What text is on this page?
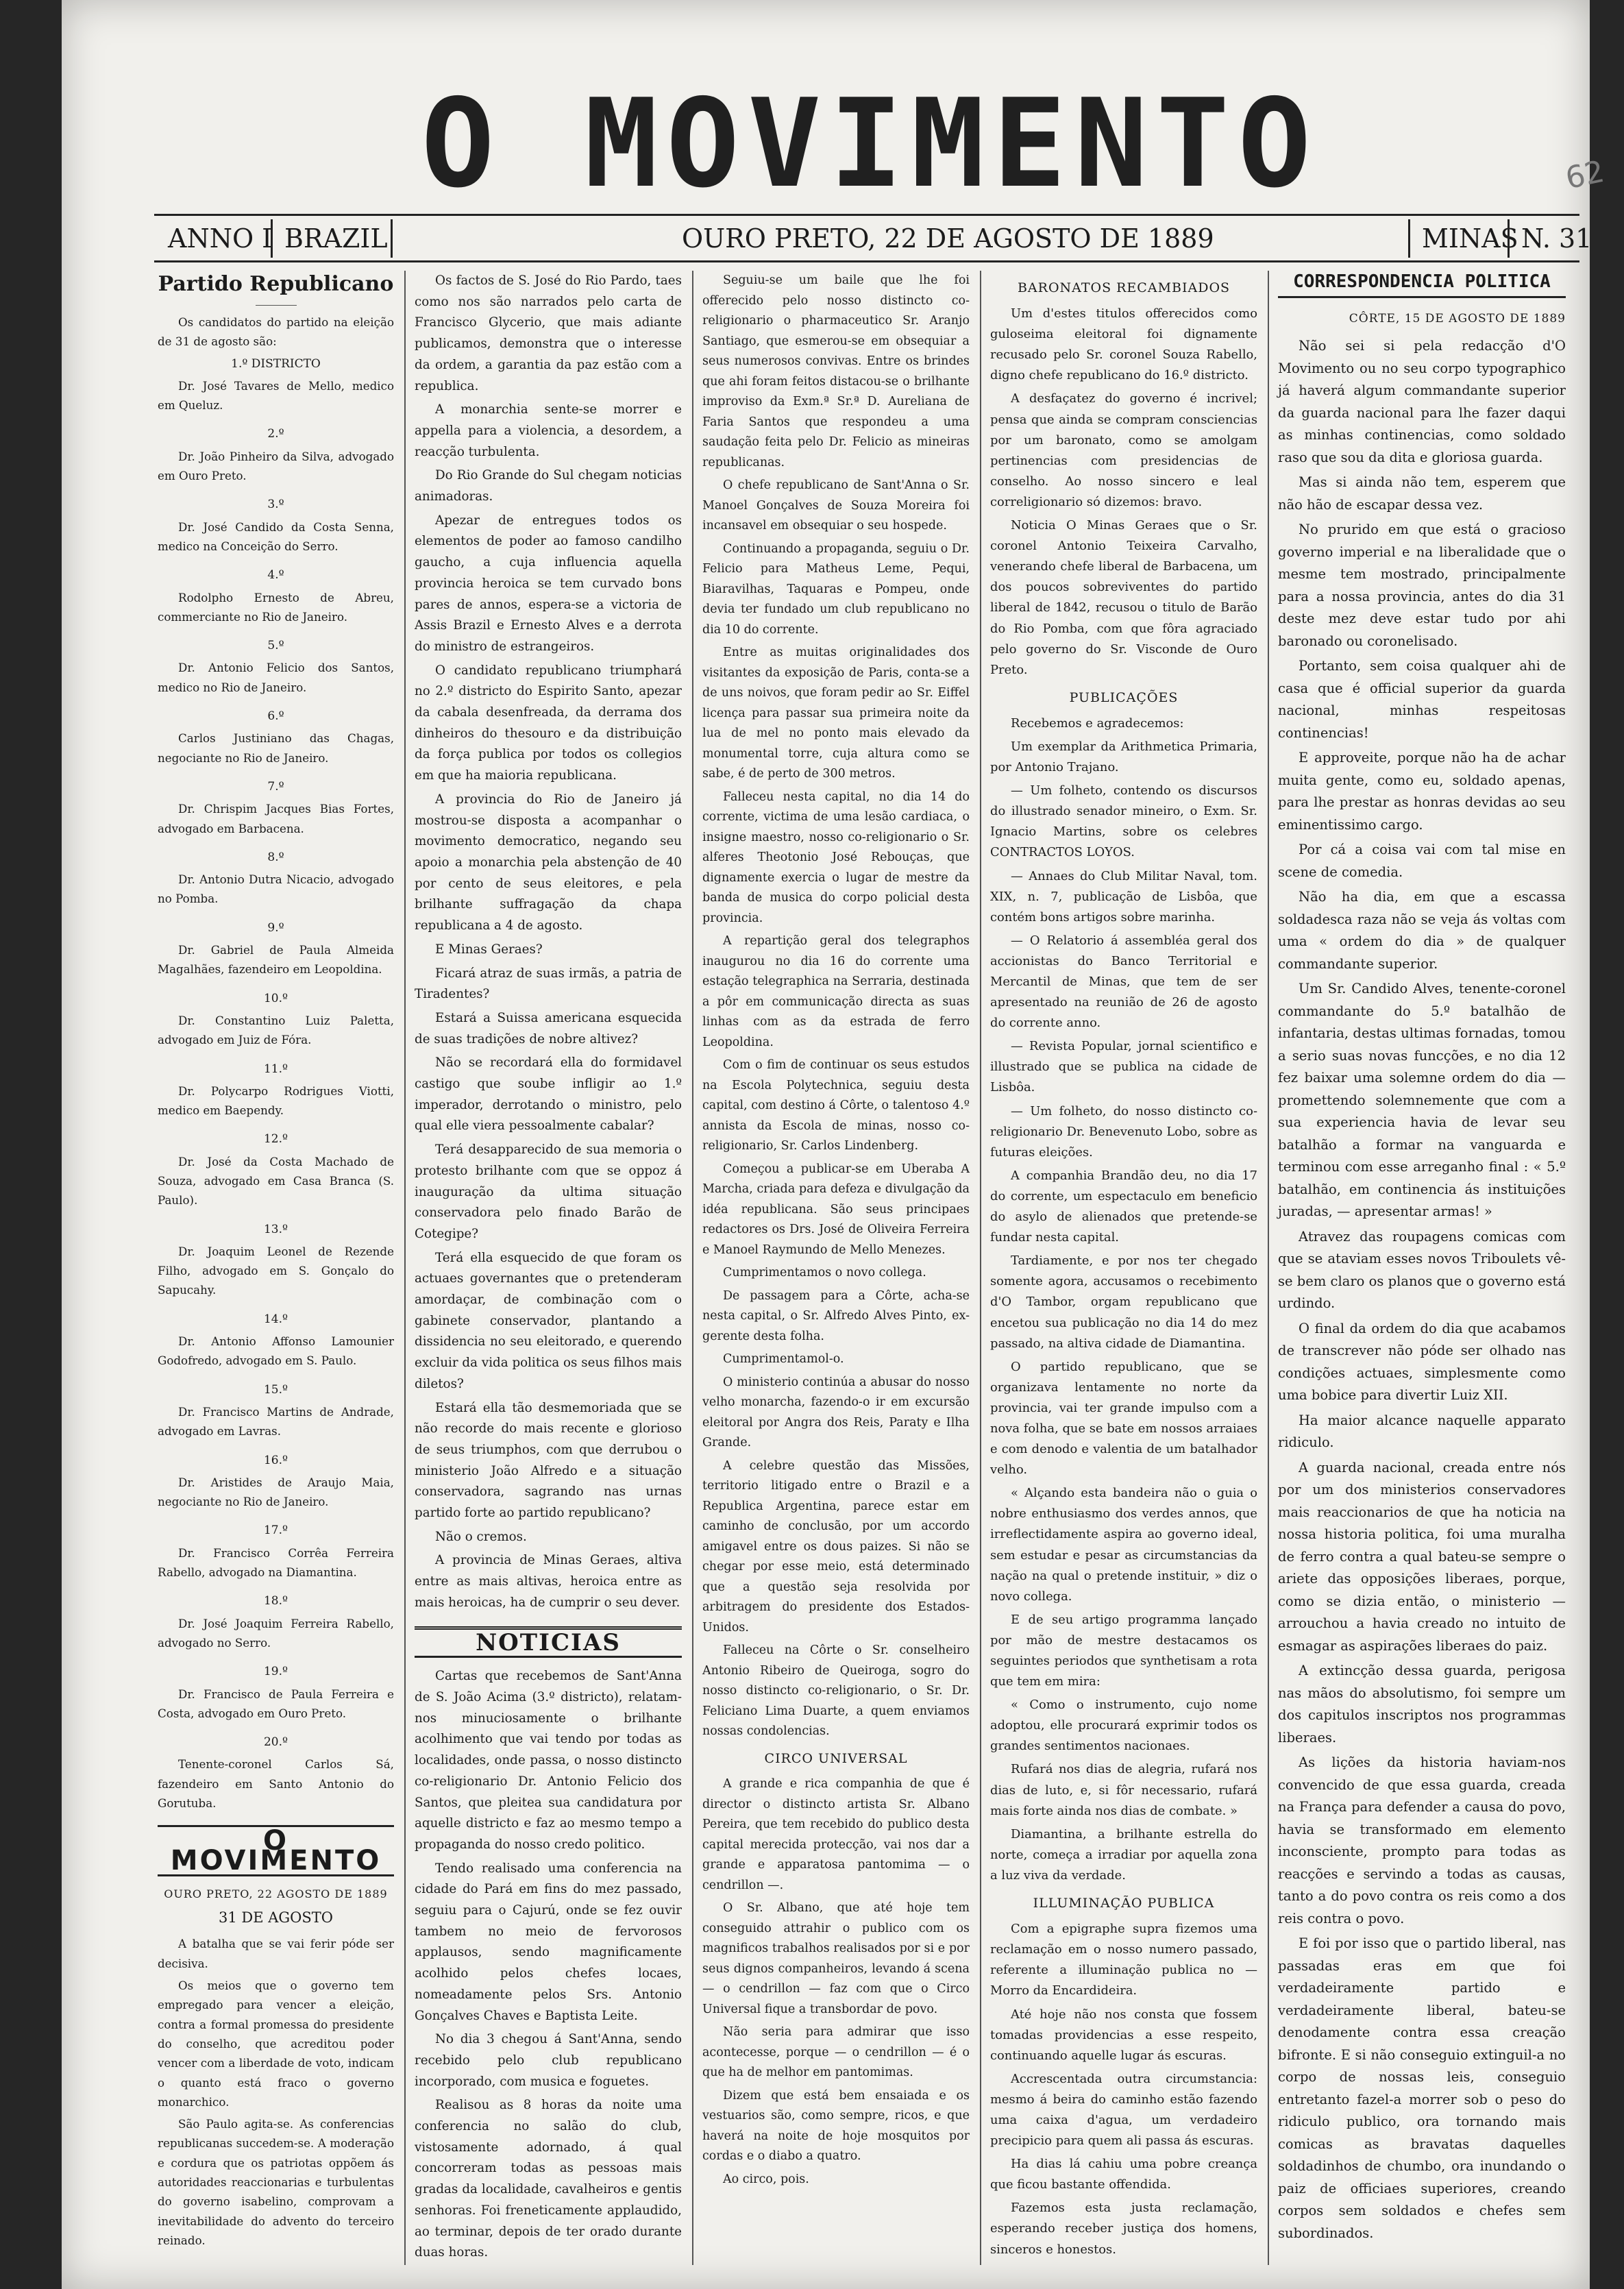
O MOVIMENTO	62
ANNO I BRAZIL	OURO PRETO, 22 DE AGOSTO DE 1889	MINAS N. 31

Partido Republicano

Os candidatos do partido na eleição de 31 de agosto são:

1.º DISTRICTO
Dr. José Tavares de Mello, medico em Queluz.
2.º
Dr. João Pinheiro da Silva, advogado em Ouro Preto.
3.º
Dr. José Candido da Costa Senna, medico na Conceição do Serro.
4.º
Rodolpho Ernesto de Abreu, commerciante no Rio de Janeiro.
5.º
Dr. Antonio Felicio dos Santos, medico no Rio de Janeiro.
6.º
Carlos Justiniano das Chagas, negociante no Rio de Janeiro.
7.º
Dr. Chrispim Jacques Bias Fortes, advogado em Barbacena.
8.º
Dr. Antonio Dutra Nicacio, advogado no Pomba.
9.º
Dr. Gabriel de Paula Almeida Magalhães, fazendeiro em Leopoldina.
10.º
Dr. Constantino Luiz Paletta, advogado em Juiz de Fóra.
11.º
Dr. Polycarpo Rodrigues Viotti, medico em Baependy.
12.º
Dr. José da Costa Machado de Souza, advogado em Casa Branca (S. Paulo).
13.º
Dr. Joaquim Leonel de Rezende Filho, advogado em S. Gonçalo do Sapucahy.
14.º
Dr. Antonio Affonso Lamounier Godofredo, advogado em S. Paulo.
15.º
Dr. Francisco Martins de Andrade, advogado em Lavras.
16.º
Dr. Aristides de Araujo Maia, negociante no Rio de Janeiro.
17.º
Dr. Francisco Corrêa Ferreira Rabello, advogado na Diamantina.
18.º
Dr. José Joaquim Ferreira Rabello, advogado no Serro.
19.º
Dr. Francisco de Paula Ferreira e Costa, advogado em Ouro Preto.
20.º
Tenente-coronel Carlos Sá, fazendeiro em Santo Antonio do Gorutuba.
O MOVIMENTO
OURO PRETO, 22 AGOSTO DE 1889
31 DE AGOSTO

A batalha que se vai ferir póde ser decisiva.

Os meios que o governo tem empregado para vencer a eleição, contra a formal promessa do presidente do conselho, que acreditou poder vencer com a liberdade de voto, indicam o quanto está fraco o governo monarchico.

São Paulo agita-se. As conferencias republicanas succedem-se. A moderação e cordura que os patriotas oppõem ás autoridades reaccionarias e turbulentas do governo isabelino, comprovam a inevitabilidade do advento do terceiro reinado.

Os factos de S. José do Rio Pardo, taes como nos são narrados pelo carta de Francisco Glycerio, que mais adiante publicamos, demonstra que o interesse da ordem, a garantia da paz estão com a republica.

A monarchia sente-se morrer e appella para a violencia, a desordem, a reacção turbulenta.

Do Rio Grande do Sul chegam noticias animadoras.

Apezar de entregues todos os elementos de poder ao famoso candilho gaucho, a cuja influencia aquella provincia heroica se tem curvado bons pares de annos, espera-se a victoria de Assis Brazil e Ernesto Alves e a derrota do ministro de estrangeiros.

O candidato republicano triumphará no 2.º districto do Espirito Santo, apezar da cabala desenfreada, da derrama dos dinheiros do thesouro e da distribuição da força publica por todos os collegios em que ha maioria republicana.

A provincia do Rio de Janeiro já mostrou-se disposta a acompanhar o movimento democratico, negando seu apoio a monarchia pela abstenção de 40 por cento de seus eleitores, e pela brilhante suffragação da chapa republicana a 4 de agosto.

E Minas Geraes?

Ficará atraz de suas irmãs, a patria de Tiradentes?

Estará a Suissa americana esquecida de suas tradições de nobre altivez?

Não se recordará ella do formidavel castigo que soube infligir ao 1.º imperador, derrotando o ministro, pelo qual elle viera pessoalmente cabalar?

Terá desapparecido de sua memoria o protesto brilhante com que se oppoz á inauguração da ultima situação conservadora pelo finado Barão de Cotegipe?

Terá ella esquecido de que foram os actuaes governantes que o pretenderam amordaçar, de combinação com o gabinete conservador, plantando a dissidencia no seu eleitorado, e querendo excluir da vida politica os seus filhos mais diletos?

Estará ella tão desmemoriada que se não recorde do mais recente e glorioso de seus triumphos, com que derrubou o ministerio João Alfredo e a situação conservadora, sagrando nas urnas partido forte ao partido republicano?

Não o cremos.

A provincia de Minas Geraes, altiva entre as mais altivas, heroica entre as mais heroicas, ha de cumprir o seu dever.

NOTICIAS

Cartas que recebemos de Sant'Anna de S. João Acima (3.º districto), relatam-nos minuciosamente o brilhante acolhimento que vai tendo por todas as localidades, onde passa, o nosso distincto co-religionario Dr. Antonio Felicio dos Santos, que pleitea sua candidatura por aquelle districto e faz ao mesmo tempo a propaganda do nosso credo politico.

Tendo realisado uma conferencia na cidade do Pará em fins do mez passado, seguiu para o Cajurú, onde se fez ouvir tambem no meio de fervorosos applausos, sendo magnificamente acolhido pelos chefes locaes, nomeadamente pelos Srs. Antonio Gonçalves Chaves e Baptista Leite.

No dia 3 chegou á Sant'Anna, sendo recebido pelo club republicano incorporado, com musica e foguetes.

Realisou as 8 horas da noite uma conferencia no salão do club, vistosamente adornado, á qual concorreram todas as pessoas mais gradas da localidade, cavalheiros e gentis senhoras. Foi freneticamente applaudido, ao terminar, depois de ter orado durante duas horas.

Seguiu-se um baile que lhe foi offerecido pelo nosso distincto co-religionario o pharmaceutico Sr. Aranjo Santiago, que esmerou-se em obsequiar a seus numerosos convivas. Entre os brindes que ahi foram feitos distacou-se o brilhante improviso da Exm.ª Sr.ª D. Aureliana de Faria Santos que respondeu a uma saudação feita pelo Dr. Felicio as mineiras republicanas.

O chefe republicano de Sant'Anna o Sr. Manoel Gonçalves de Souza Moreira foi incansavel em obsequiar o seu hospede.

Continuando a propaganda, seguiu o Dr. Felicio para Matheus Leme, Pequi, Biaravilhas, Taquaras e Pompeu, onde devia ter fundado um club republicano no dia 10 do corrente.

Entre as muitas originalidades dos visitantes da exposição de Paris, conta-se a de uns noivos, que foram pedir ao Sr. Eiffel licença para passar sua primeira noite da lua de mel no ponto mais elevado da monumental torre, cuja altura como se sabe, é de perto de 300 metros.

Falleceu nesta capital, no dia 14 do corrente, victima de uma lesão cardiaca, o insigne maestro, nosso co-religionario o Sr. alferes Theotonio José Rebouças, que dignamente exercia o lugar de mestre da banda de musica do corpo policial desta provincia.

A repartição geral dos telegraphos inaugurou no dia 16 do corrente uma estação telegraphica na Serraria, destinada a pôr em communicação directa as suas linhas com as da estrada de ferro Leopoldina.

Com o fim de continuar os seus estudos na Escola Polytechnica, seguiu desta capital, com destino á Côrte, o talentoso 4.º annista da Escola de minas, nosso co-religionario, Sr. Carlos Lindenberg.

Começou a publicar-se em Uberaba A Marcha, criada para defeza e divulgação da idéa republicana. São seus principaes redactores os Drs. José de Oliveira Ferreira e Manoel Raymundo de Mello Menezes.

Cumprimentamos o novo collega.

De passagem para a Côrte, acha-se nesta capital, o Sr. Alfredo Alves Pinto, ex-gerente desta folha.

Cumprimentamol-o.

O ministerio continúa a abusar do nosso velho monarcha, fazendo-o ir em excursão eleitoral por Angra dos Reis, Paraty e Ilha Grande.

A celebre questão das Missões, territorio litigado entre o Brazil e a Republica Argentina, parece estar em caminho de conclusão, por um accordo amigavel entre os dous paizes. Si não se chegar por esse meio, está determinado que a questão seja resolvida por arbitragem do presidente dos Estados-Unidos.

Falleceu na Côrte o Sr. conselheiro Antonio Ribeiro de Queiroga, sogro do nosso distincto co-religionario, o Sr. Dr. Feliciano Lima Duarte, a quem enviamos nossas condolencias.

CIRCO UNIVERSAL

A grande e rica companhia de que é director o distincto artista Sr. Albano Pereira, que tem recebido do publico desta capital merecida protecção, vai nos dar a grande e apparatosa pantomima — o cendrillon —.

O Sr. Albano, que até hoje tem conseguido attrahir o publico com os magnificos trabalhos realisados por si e por seus dignos companheiros, levando á scena — o cendrillon — faz com que o Circo Universal fique a transbordar de povo.

Não seria para admirar que isso acontecesse, porque — o cendrillon — é o que ha de melhor em pantomimas.

Dizem que está bem ensaiada e os vestuarios são, como sempre, ricos, e que haverá na noite de hoje mosquitos por cordas e o diabo a quatro.

Ao circo, pois.

BARONATOS RECAMBIADOS

Um d'estes titulos offerecidos como guloseima eleitoral foi dignamente recusado pelo Sr. coronel Souza Rabello, digno chefe republicano do 16.º districto.

A desfaçatez do governo é incrivel; pensa que ainda se compram consciencias por um baronato, como se amolgam pertinencias com presidencias de conselho. Ao nosso sincero e leal correligionario só dizemos: bravo.

Noticia O Minas Geraes que o Sr. coronel Antonio Teixeira Carvalho, venerando chefe liberal de Barbacena, um dos poucos sobreviventes do partido liberal de 1842, recusou o titulo de Barão do Rio Pomba, com que fôra agraciado pelo governo do Sr. Visconde de Ouro Preto.

PUBLICAÇÕES

Recebemos e agradecemos:

Um exemplar da Arithmetica Primaria, por Antonio Trajano.

— Um folheto, contendo os discursos do illustrado senador mineiro, o Exm. Sr. Ignacio Martins, sobre os celebres CONTRACTOS LOYOS.

— Annaes do Club Militar Naval, tom. XIX, n. 7, publicação de Lisbôa, que contém bons artigos sobre marinha.

— O Relatorio á assembléa geral dos accionistas do Banco Territorial e Mercantil de Minas, que tem de ser apresentado na reunião de 26 de agosto do corrente anno.

— Revista Popular, jornal scientifico e illustrado que se publica na cidade de Lisbôa.

— Um folheto, do nosso distincto co-religionario Dr. Benevenuto Lobo, sobre as futuras eleições.

A companhia Brandão deu, no dia 17 do corrente, um espectaculo em beneficio do asylo de alienados que pretende-se fundar nesta capital.

Tardiamente, e por nos ter chegado somente agora, accusamos o recebimento d'O Tambor, orgam republicano que encetou sua publicação no dia 14 do mez passado, na altiva cidade de Diamantina.

O partido republicano, que se organizava lentamente no norte da provincia, vai ter grande impulso com a nova folha, que se bate em nossos arraiaes e com denodo e valentia de um batalhador velho.

« Alçando esta bandeira não o guia o nobre enthusiasmo dos verdes annos, que irreflectidamente aspira ao governo ideal, sem estudar e pesar as circumstancias da nação na qual o pretende instituir, » diz o novo collega.

E de seu artigo programma lançado por mão de mestre destacamos os seguintes periodos que synthetisam a rota que tem em mira:

« Como o instrumento, cujo nome adoptou, elle procurará exprimir todos os grandes sentimentos nacionaes.

Rufará nos dias de alegria, rufará nos dias de luto, e, si fôr necessario, rufará mais forte ainda nos dias de combate. »

Diamantina, a brilhante estrella do norte, começa a irradiar por aquella zona a luz viva da verdade.

ILLUMINAÇÃO PUBLICA

Com a epigraphe supra fizemos uma reclamação em o nosso numero passado, referente a illuminação publica no — Morro da Encardideira.

Até hoje não nos consta que fossem tomadas providencias a esse respeito, continuando aquelle lugar ás escuras.

Accrescentada outra circumstancia: mesmo á beira do caminho estão fazendo uma caixa d'agua, um verdadeiro precipicio para quem ali passa ás escuras.

Ha dias lá cahiu uma pobre creança que ficou bastante offendida.

Fazemos esta justa reclamação, esperando receber justiça dos homens, sinceros e honestos.

CORRESPONDENCIA POLITICA
CÔRTE, 15 DE AGOSTO DE 1889

Não sei si pela redacção d'O Movimento ou no seu corpo typographico já haverá algum commandante superior da guarda nacional para lhe fazer daqui as minhas continencias, como soldado raso que sou da dita e gloriosa guarda.

Mas si ainda não tem, esperem que não hão de escapar dessa vez.

No prurido em que está o gracioso governo imperial e na liberalidade que o mesme tem mostrado, principalmente para a nossa provincia, antes do dia 31 deste mez deve estar tudo por ahi baronado ou coronelisado.

Portanto, sem coisa qualquer ahi de casa que é official superior da guarda nacional, minhas respeitosas continencias!

E approveite, porque não ha de achar muita gente, como eu, soldado apenas, para lhe prestar as honras devidas ao seu eminentissimo cargo.

Por cá a coisa vai com tal mise en scene de comedia.

Não ha dia, em que a escassa soldadesca raza não se veja ás voltas com uma « ordem do dia » de qualquer commandante superior.

Um Sr. Candido Alves, tenente-coronel commandante do 5.º batalhão de infantaria, destas ultimas fornadas, tomou a serio suas novas funcções, e no dia 12 fez baixar uma solemne ordem do dia — promettendo solemnemente que com a sua experiencia havia de levar seu batalhão a formar na vanguarda e terminou com esse arreganho final : « 5.º batalhão, em continencia ás instituições juradas, — apresentar armas! »

Atravez das roupagens comicas com que se ataviam esses novos Triboulets vê-se bem claro os planos que o governo está urdindo.

O final da ordem do dia que acabamos de transcrever não póde ser olhado nas condições actuaes, simplesmente como uma bobice para divertir Luiz XII.

Ha maior alcance naquelle apparato ridiculo.

A guarda nacional, creada entre nós por um dos ministerios conservadores mais reaccionarios de que ha noticia na nossa historia politica, foi uma muralha de ferro contra a qual bateu-se sempre o ariete das opposições liberaes, porque, como se dizia então, o ministerio — arrouchou a havia creado no intuito de esmagar as aspirações liberaes do paiz.

A extincção dessa guarda, perigosa nas mãos do absolutismo, foi sempre um dos capitulos inscriptos nos programmas liberaes.

As lições da historia haviam-nos convencido de que essa guarda, creada na França para defender a causa do povo, havia se transformado em elemento inconsciente, prompto para todas as reacções e servindo a todas as causas, tanto a do povo contra os reis como a dos reis contra o povo.

E foi por isso que o partido liberal, nas passadas eras em que foi verdadeiramente partido e verdadeiramente liberal, bateu-se denodamente contra essa creação bifronte. E si não conseguio extinguil-a no corpo de nossas leis, conseguio entretanto fazel-a morrer sob o peso do ridiculo publico, ora tornando mais comicas as bravatas daquelles soldadinhos de chumbo, ora inundando o paiz de officiaes superiores, creando corpos sem soldados e chefes sem subordinados.
